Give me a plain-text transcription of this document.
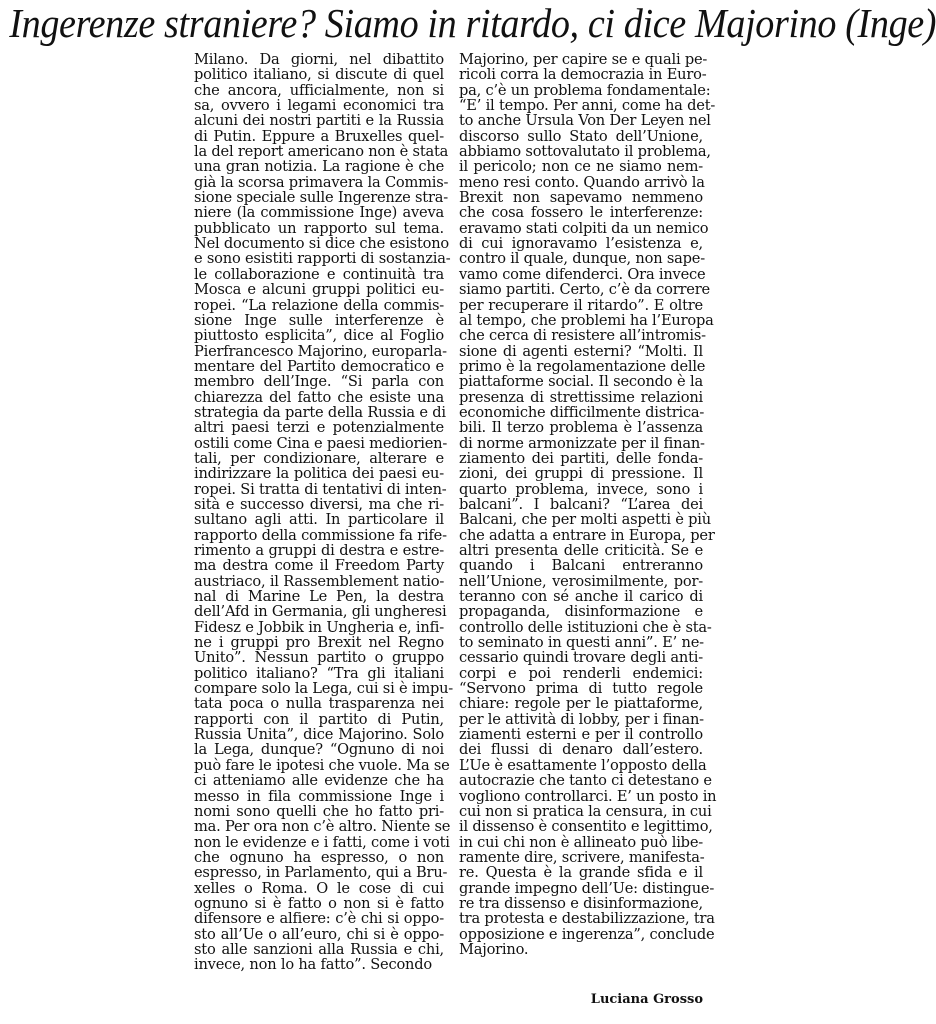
Ingerenze straniere? Siamo in ritardo, ci dice Majorino (Inge)
Milano. Da giorni, nel dibattito
politico italiano, si discute di quel
che ancora, ufficialmente, non si
sa, ovvero i legami economici tra
alcuni dei nostri partiti e la Russia
di Putin. Eppure a Bruxelles quel-
la del report americano non è stata
una gran notizia. La ragione è che
già la scorsa primavera la Commis-
sione speciale sulle Ingerenze stra-
niere (la commissione Inge) aveva
pubblicato un rapporto sul tema.
Nel documento si dice che esistono
e sono esistiti rapporti di sostanzia-
le collaborazione e continuità tra
Mosca e alcuni gruppi politici eu-
ropei. “La relazione della commis-
sione Inge sulle interferenze è
piuttosto esplicita”, dice al Foglio
Pierfrancesco Majorino, europarla-
mentare del Partito democratico e
membro dell’Inge. “Si parla con
chiarezza del fatto che esiste una
strategia da parte della Russia e di
altri paesi terzi e potenzialmente
ostili come Cina e paesi mediorien-
tali, per condizionare, alterare e
indirizzare la politica dei paesi eu-
ropei. Si tratta di tentativi di inten-
sità e successo diversi, ma che ri-
sultano agli atti. In particolare il
rapporto della commissione fa rife-
rimento a gruppi di destra e estre-
ma destra come il Freedom Party
austriaco, il Rassemblement natio-
nal di Marine Le Pen, la destra
dell’Afd in Germania, gli ungheresi
Fidesz e Jobbik in Ungheria e, infi-
ne i gruppi pro Brexit nel Regno
Unito”. Nessun partito o gruppo
politico italiano? “Tra gli italiani
compare solo la Lega, cui si è impu-
tata poca o nulla trasparenza nei
rapporti con il partito di Putin,
Russia Unita”, dice Majorino. Solo
la Lega, dunque? “Ognuno di noi
può fare le ipotesi che vuole. Ma se
ci atteniamo alle evidenze che ha
messo in fila commissione Inge i
nomi sono quelli che ho fatto pri-
ma. Per ora non c’è altro. Niente se
non le evidenze e i fatti, come i voti
che ognuno ha espresso, o non
espresso, in Parlamento, qui a Bru-
xelles o Roma. O le cose di cui
ognuno si è fatto o non si è fatto
difensore e alfiere: c’è chi si oppo-
sto all’Ue o all’euro, chi si è oppo-
sto alle sanzioni alla Russia e chi,
invece, non lo ha fatto”. Secondo
Majorino, per capire se e quali pe-
ricoli corra la democrazia in Euro-
pa, c’è un problema fondamentale:
“E’ il tempo. Per anni, come ha det-
to anche Ursula Von Der Leyen nel
discorso sullo Stato dell’Unione,
abbiamo sottovalutato il problema,
il pericolo; non ce ne siamo nem-
meno resi conto. Quando arrivò la
Brexit non sapevamo nemmeno
che cosa fossero le interferenze:
eravamo stati colpiti da un nemico
di cui ignoravamo l’esistenza e,
contro il quale, dunque, non sape-
vamo come difenderci. Ora invece
siamo partiti. Certo, c’è da correre
per recuperare il ritardo”. E oltre
al tempo, che problemi ha l’Europa
che cerca di resistere all’intromis-
sione di agenti esterni? “Molti. Il
primo è la regolamentazione delle
piattaforme social. Il secondo è la
presenza di strettissime relazioni
economiche difficilmente districa-
bili. Il terzo problema è l’assenza
di norme armonizzate per il finan-
ziamento dei partiti, delle fonda-
zioni, dei gruppi di pressione. Il
quarto problema, invece, sono i
balcani”. I balcani? “L’area dei
Balcani, che per molti aspetti è più
che adatta a entrare in Europa, per
altri presenta delle criticità. Se e
quando i Balcani entreranno
nell’Unione, verosimilmente, por-
teranno con sé anche il carico di
propaganda, disinformazione e
controllo delle istituzioni che è sta-
to seminato in questi anni”. E’ ne-
cessario quindi trovare degli anti-
corpi e poi renderli endemici:
“Servono prima di tutto regole
chiare: regole per le piattaforme,
per le attività di lobby, per i finan-
ziamenti esterni e per il controllo
dei flussi di denaro dall’estero.
L’Ue è esattamente l’opposto della
autocrazie che tanto ci detestano e
vogliono controllarci. E’ un posto in
cui non si pratica la censura, in cui
il dissenso è consentito e legittimo,
in cui chi non è allineato può libe-
ramente dire, scrivere, manifesta-
re. Questa è la grande sfida e il
grande impegno dell’Ue: distingue-
re tra dissenso e disinformazione,
tra protesta e destabilizzazione, tra
opposizione e ingerenza”, conclude
Majorino.
Luciana Grosso
